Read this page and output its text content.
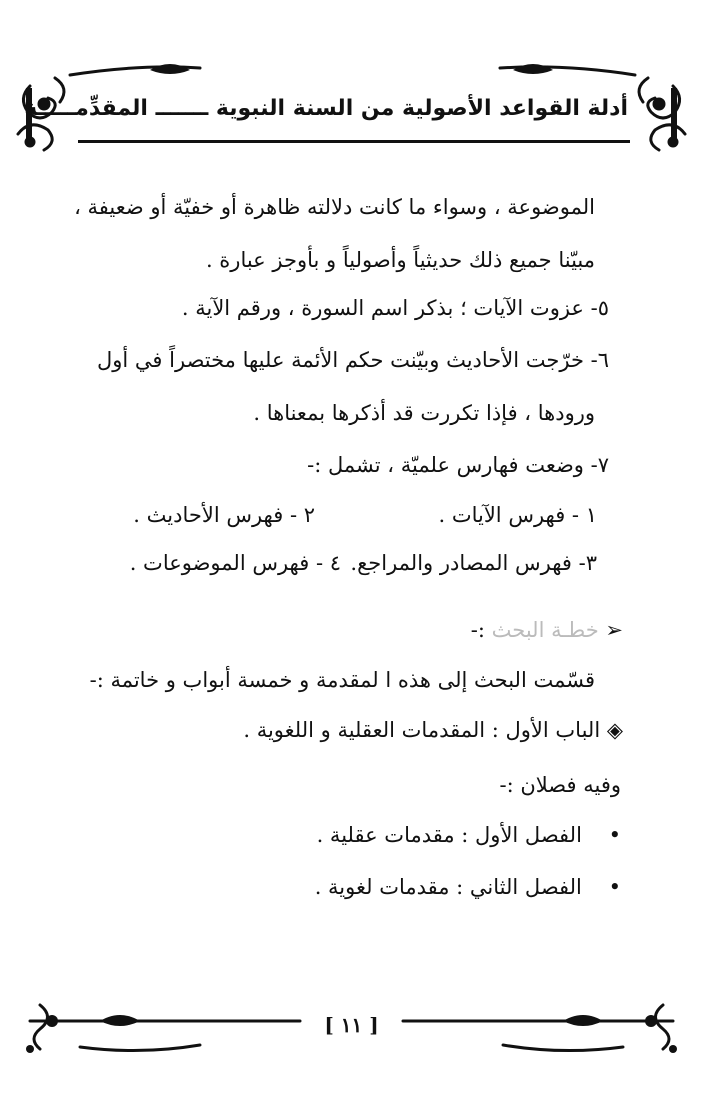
أدلة القواعد الأصولية من السنة النبوية ـــــــ المقدِّمـــــة
الموضوعة ، وسواء ما كانت دلالته ظاهرة أو خفيّة أو ضعيفة ،
مبيّنا جميع ذلك حديثياً وأصولياً و بأوجز عبارة .
٥- عزوت الآيات ؛ بذكر اسم السورة ، ورقم الآية .
٦- خرّجت الأحاديث وبيّنت حكم الأئمة عليها مختصراً في أول
ورودها ، فإذا تكررت قد أذكرها بمعناها .
٧- وضعت فهارس علميّة ، تشمل :-
١ - فهرس الآيات .
٢ - فهرس الأحاديث .
٣- فهرس المصادر والمراجع.
٤ - فهرس الموضوعات .
➢ خطـة البحث :-
قسّمت البحث إلى هذه ا لمقدمة و خمسة أبواب و خاتمة :-
◈ الباب الأول : المقدمات العقلية و اللغوية .
وفيه فصلان :-
•    الفصل الأول : مقدمات عقلية .
•    الفصل الثاني : مقدمات لغوية .
[ ١١ ]
